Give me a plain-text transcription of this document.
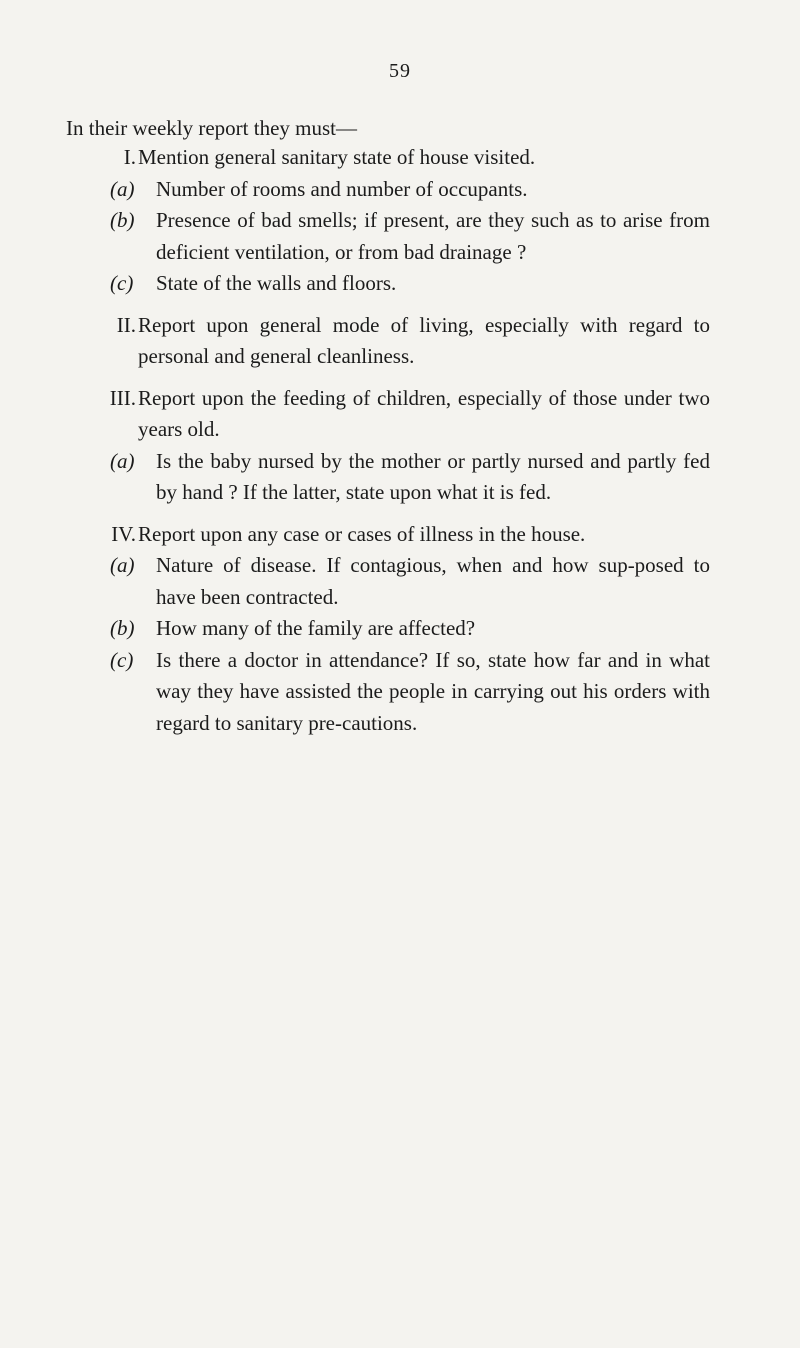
59
In their weekly report they must—
I. Mention general sanitary state of house visited.
(a)	Number of rooms and number of occupants.
(b)	Presence of bad smells; if present, are they such as to arise from deficient ventilation, or from bad drainage ?
(c)	State of the walls and floors.
II. Report upon general mode of living, especially with regard to personal and general cleanliness.
III. Report upon the feeding of children, especially of those under two years old.
(a)	Is the baby nursed by the mother or partly nursed and partly fed by hand ? If the latter, state upon what it is fed.
IV. Report upon any case or cases of illness in the house.
(a)	Nature of disease. If contagious, when and how sup-posed to have been contracted.
(b)	How many of the family are affected?
(c)	Is there a doctor in attendance? If so, state how far and in what way they have assisted the people in carrying out his orders with regard to sanitary pre-cautions.
